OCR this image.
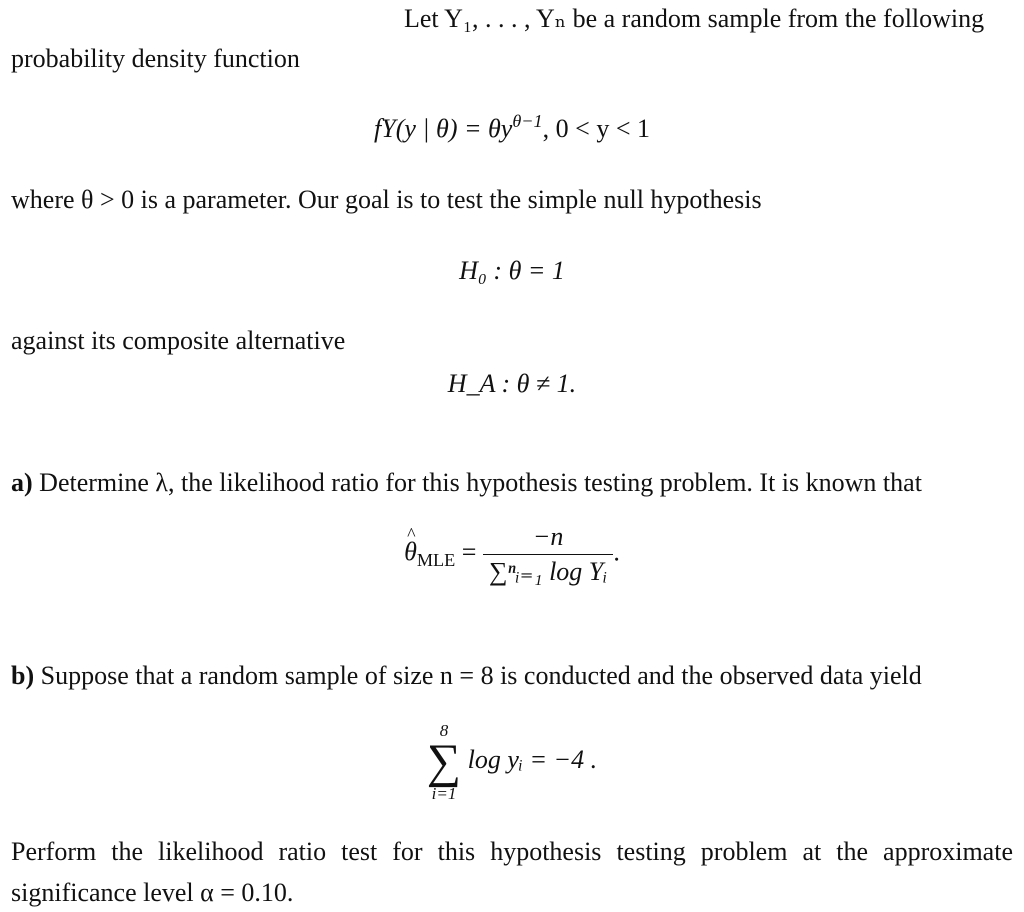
Let Y₁, . . . , Yₙ be a random sample from the following
probability density function
fY(y | $\theta) = \theta y^{\theta-1}$, 0 < y < 1
where θ > 0 is a parameter. Our goal is to test the simple null hypothesis
H₀ : θ = 1
against its composite alternative
H_A : θ ≠ 1.
a) Determine λ, the likelihood ratio for this hypothesis testing problem. It is known that
^ $\theta_{MLE} = \frac{-n}{\text{∑ⁿᵢ₌₁ log Yᵢ}}$ .
b) Suppose that a random sample of size n = 8 is conducted and the observed data yield
8
∑
i=1
log yᵢ = −4 .
Perform the likelihood ratio test for this hypothesis testing problem at the approximate
significance level α = 0.10.
